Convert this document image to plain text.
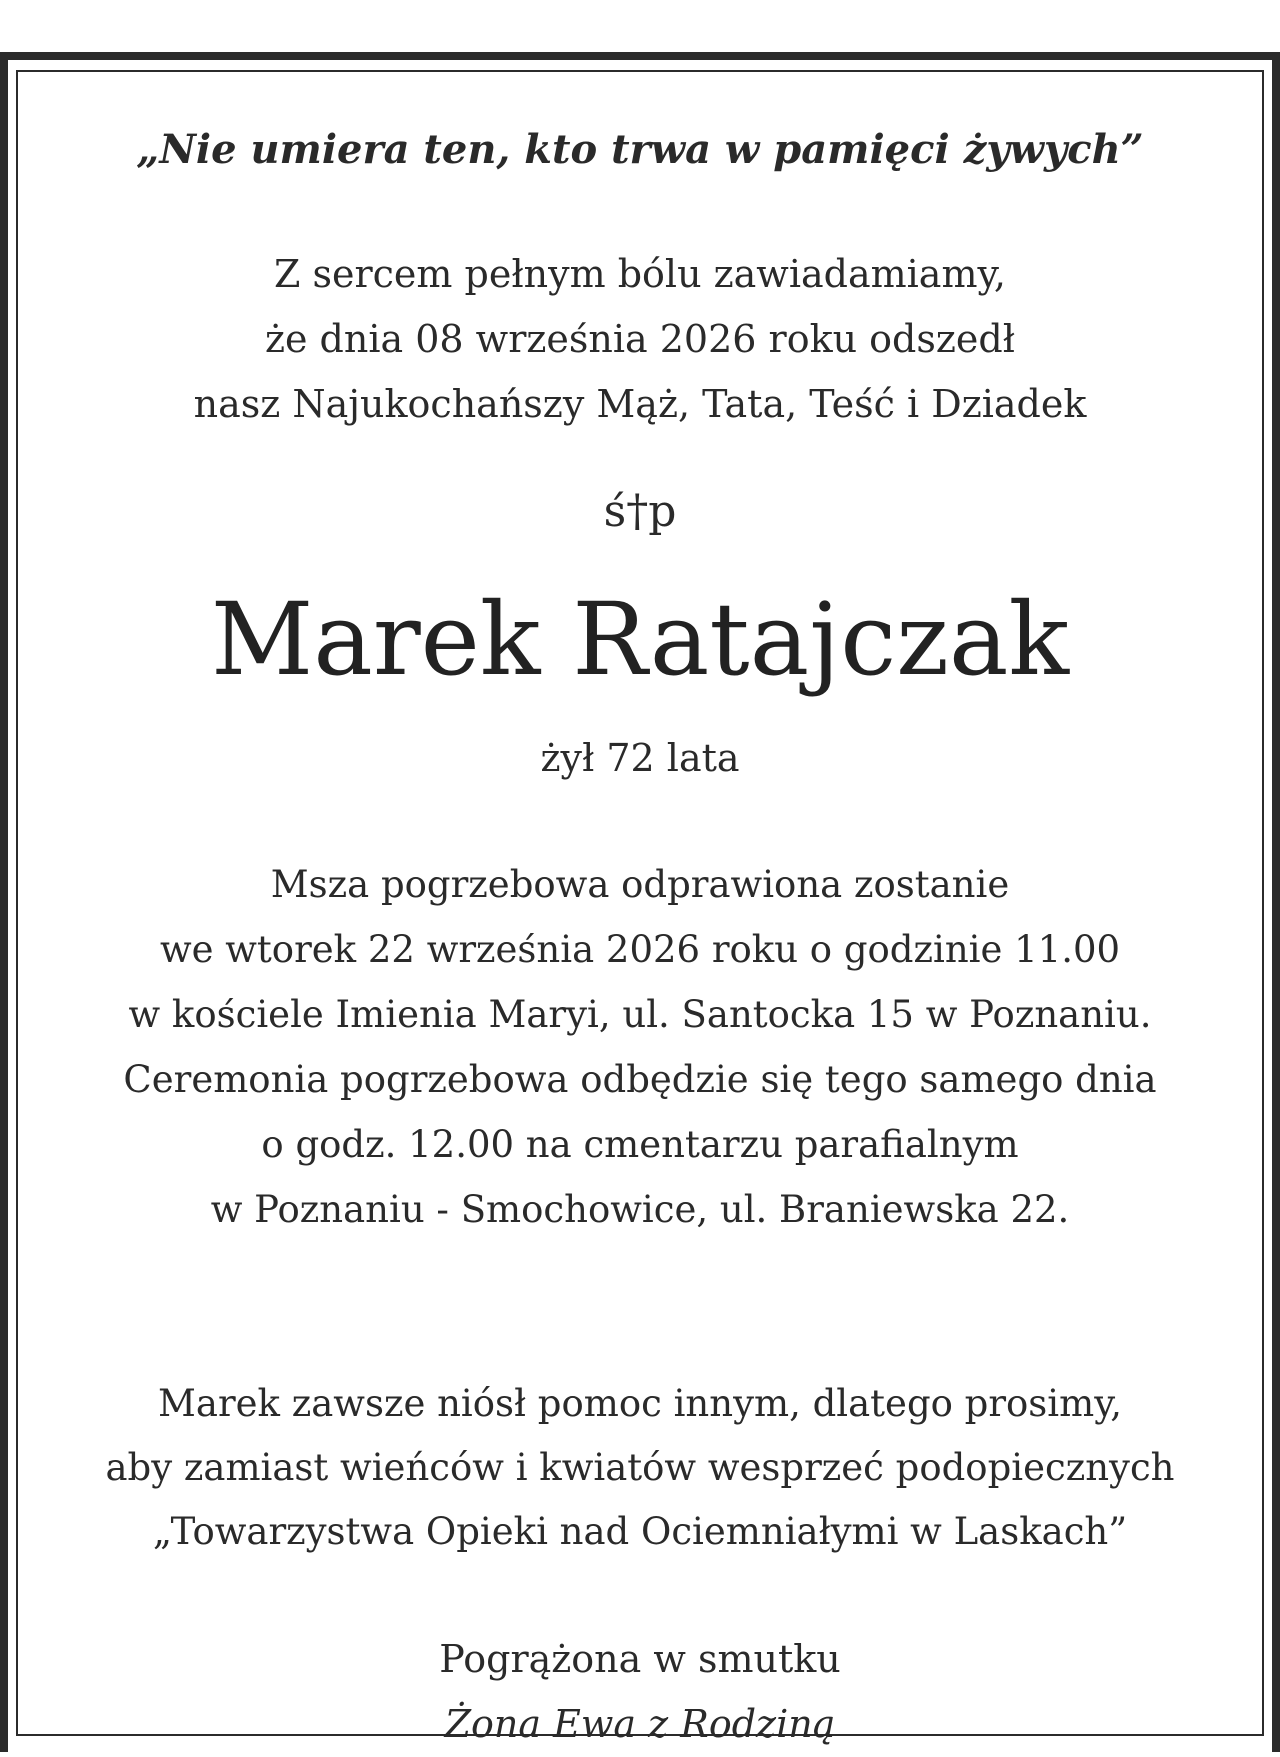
„Nie umiera ten, kto trwa w pamięci żywych”
Z sercem pełnym bólu zawiadamiamy,
że dnia 08 września 2026 roku odszedł
nasz Najukochańszy Mąż, Tata, Teść i Dziadek
ś†p
Marek Ratajczak
żył 72 lata
Msza pogrzebowa odprawiona zostanie
we wtorek 22 września 2026 roku o godzinie 11.00
w kościele Imienia Maryi, ul. Santocka 15 w Poznaniu.
Ceremonia pogrzebowa odbędzie się tego samego dnia
o godz. 12.00 na cmentarzu parafialnym
w Poznaniu - Smochowice, ul. Braniewska 22.
Marek zawsze niósł pomoc innym, dlatego prosimy,
aby zamiast wieńców i kwiatów wesprzeć podopiecznych
„Towarzystwa Opieki nad Ociemniałymi w Laskach”
Pogrążona w smutku
Żona Ewa z Rodziną
